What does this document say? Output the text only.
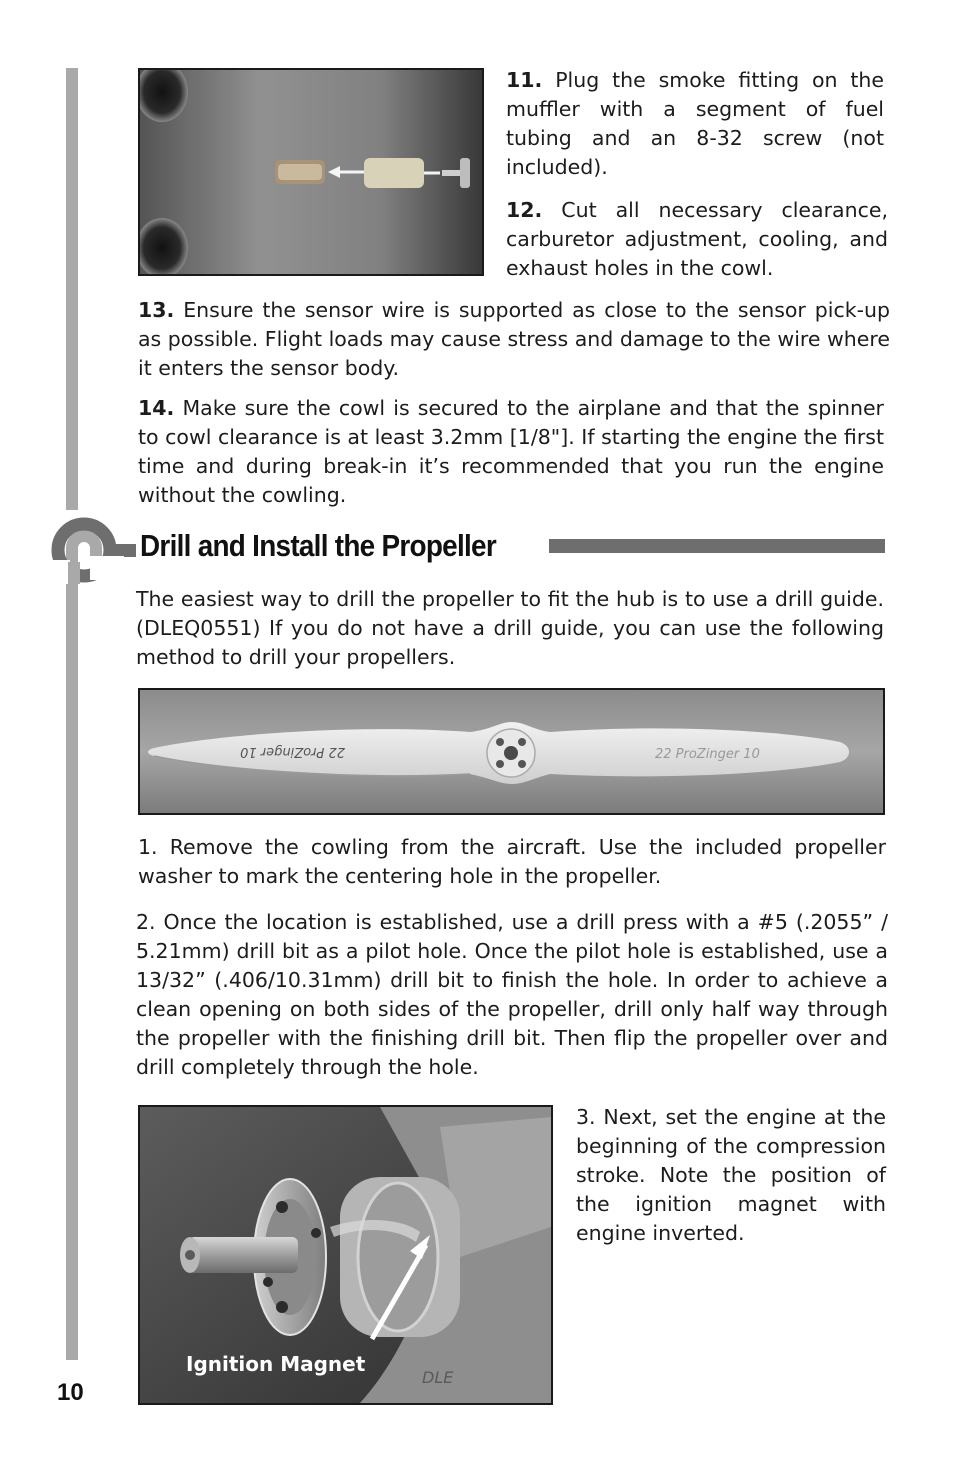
11. Plug the smoke fitting on the muffler with a segment of fuel tubing and an 8-32 screw (not included).

12. Cut all necessary clearance, carburetor adjustment, cooling, and exhaust holes in the cowl.

13. Ensure the sensor wire is supported as close to the sensor pick-up as possible. Flight loads may cause stress and damage to the wire where it enters the sensor body.

14. Make sure the cowl is secured to the airplane and that the spinner to cowl clearance is at least 3.2mm [1/8"]. If starting the engine the first time and during break-in it’s recommended that you run the engine without the cowling.

Drill and Install the Propeller

The easiest way to drill the propeller to fit the hub is to use a drill guide. (DLEQ0551) If you do not have a drill guide, you can use the following method to drill your propellers.

22 ProZinger 10	22 ProZinger 10

1. Remove the cowling from the aircraft. Use the included propeller washer to mark the centering hole in the propeller.

2. Once the location is established, use a drill press with a #5 (.2055” / 5.21mm) drill bit as a pilot hole. Once the pilot hole is established, use a 13/32” (.406/10.31mm) drill bit to finish the hole. In order to achieve a clean opening on both sides of the propeller, drill only half way through the propeller with the finishing drill bit. Then flip the propeller over and drill completely through the hole.

DLE
Ignition Magnet

3. Next, set the engine at the beginning of the compression stroke. Note the position of the ignition magnet with engine inverted.

10
